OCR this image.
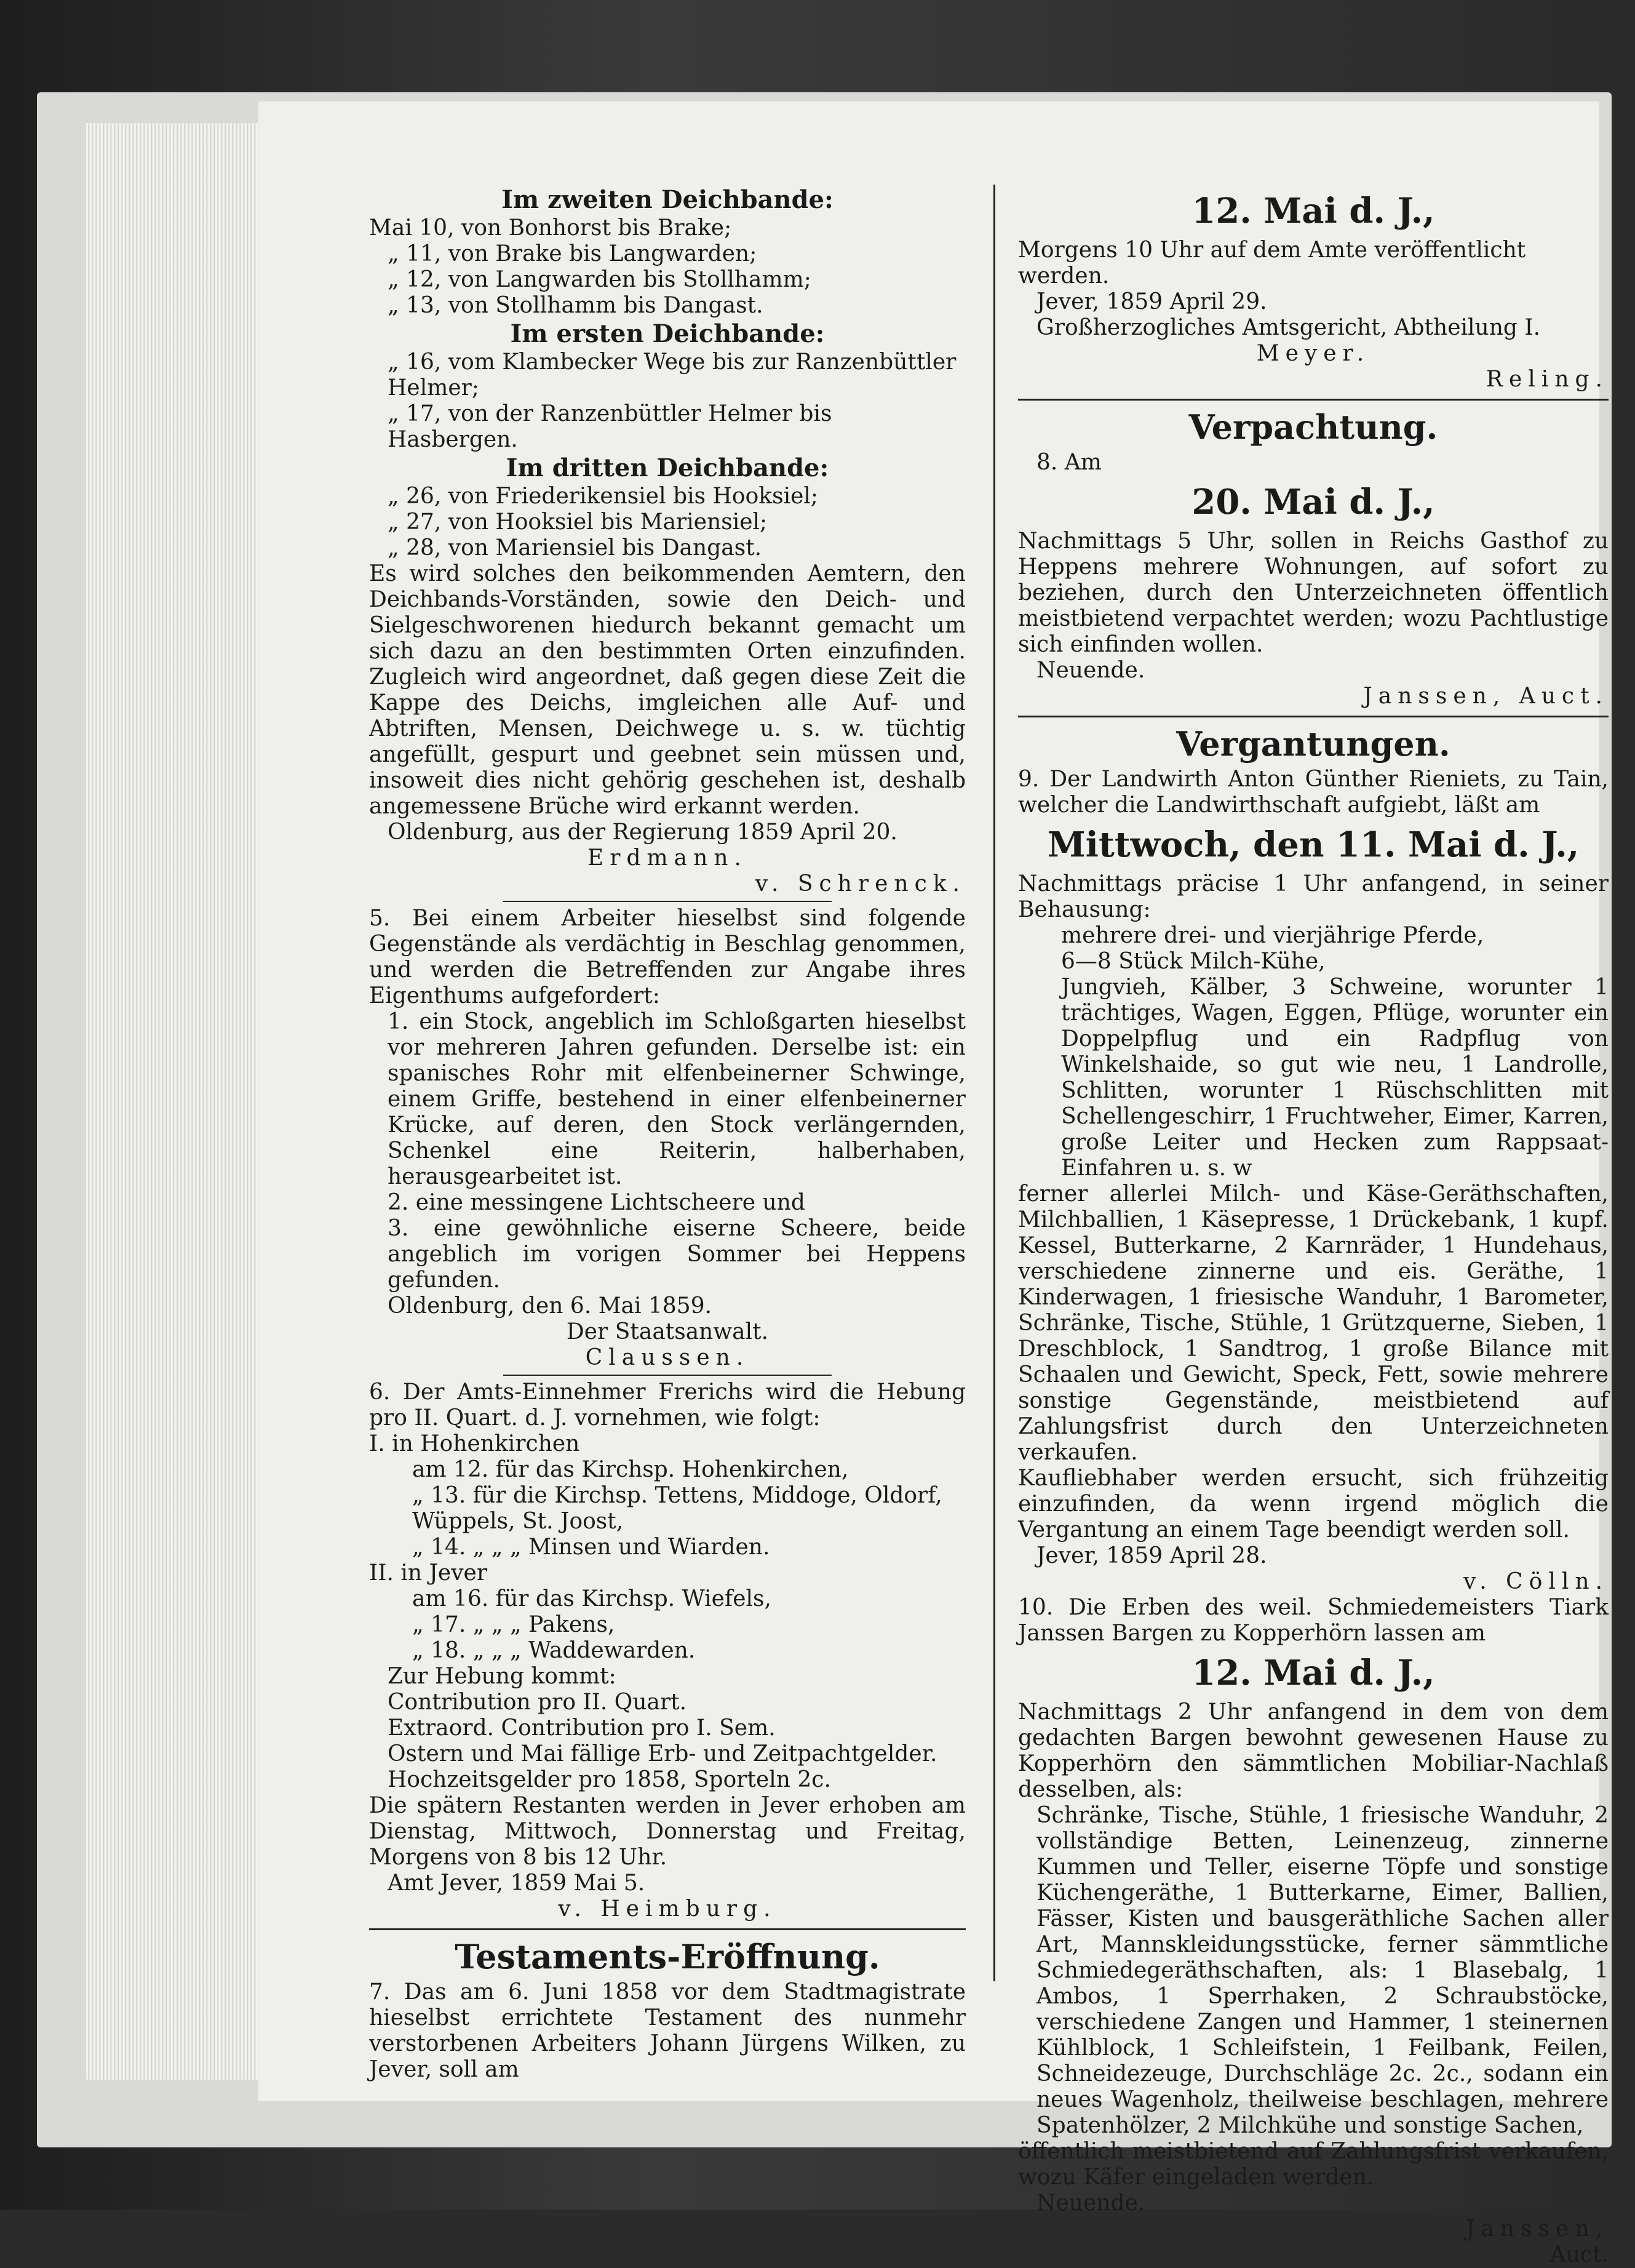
Im zweiten Deichbande:

Mai 10, von Bonhorst bis Brake;

„ 11, von Brake bis Langwarden;

„ 12, von Langwarden bis Stollhamm;

„ 13, von Stollhamm bis Dangast.

Im ersten Deichbande:

„ 16, vom Klambecker Wege bis zur Ranzenbüttler Helmer;

„ 17, von der Ranzenbüttler Helmer bis Hasbergen.

Im dritten Deichbande:

„ 26, von Friederikensiel bis Hooksiel;

„ 27, von Hooksiel bis Mariensiel;

„ 28, von Mariensiel bis Dangast.

Es wird solches den beikommenden Aemtern, den Deichbands-Vorständen, sowie den Deich- und Sielgeschworenen hiedurch bekannt gemacht um sich dazu an den bestimmten Orten einzufinden. Zugleich wird angeordnet, daß gegen diese Zeit die Kappe des Deichs, imgleichen alle Auf- und Abtriften, Mensen, Deichwege u. s. w. tüchtig angefüllt, gespurt und geebnet sein müssen und, insoweit dies nicht gehörig geschehen ist, deshalb angemessene Brüche wird erkannt werden.

Oldenburg, aus der Regierung 1859 April 20.

Erdmann.

v. Schrenck.

5. Bei einem Arbeiter hieselbst sind folgende Gegenstände als verdächtig in Beschlag genommen, und werden die Betreffenden zur Angabe ihres Eigenthums aufgefordert:

1. ein Stock, angeblich im Schloßgarten hieselbst vor mehreren Jahren gefunden. Derselbe ist: ein spanisches Rohr mit elfenbeinerner Schwinge, einem Griffe, bestehend in einer elfenbeinerner Krücke, auf deren, den Stock verlängernden, Schenkel eine Reiterin, halberhaben, herausgearbeitet ist.

2. eine messingene Lichtscheere und

3. eine gewöhnliche eiserne Scheere, beide angeblich im vorigen Sommer bei Heppens gefunden.

Oldenburg, den 6. Mai 1859.

Der Staatsanwalt.

Claussen.

6. Der Amts-Einnehmer Frerichs wird die Hebung pro II. Quart. d. J. vornehmen, wie folgt:

I. in Hohenkirchen

am 12. für das Kirchsp. Hohenkirchen,

„ 13. für die Kirchsp. Tettens, Middoge, Oldorf, Wüppels, St. Joost,

„ 14. „ „ „ Minsen und Wiarden.

II. in Jever

am 16. für das Kirchsp. Wiefels,

„ 17. „ „ „ Pakens,

„ 18. „ „ „ Waddewarden.

Zur Hebung kommt:

Contribution pro II. Quart.

Extraord. Contribution pro I. Sem.

Ostern und Mai fällige Erb- und Zeitpachtgelder.

Hochzeitsgelder pro 1858, Sporteln 2c.

Die spätern Restanten werden in Jever erhoben am Dienstag, Mittwoch, Donnerstag und Freitag, Morgens von 8 bis 12 Uhr.

Amt Jever, 1859 Mai 5.

v. Heimburg.

Testaments-Eröffnung.

7. Das am 6. Juni 1858 vor dem Stadtmagistrate hieselbst errichtete Testament des nunmehr verstorbenen Arbeiters Johann Jürgens Wilken, zu Jever, soll am

12. Mai d. J.,

Morgens 10 Uhr auf dem Amte veröffentlicht werden.

Jever, 1859 April 29.

Großherzogliches Amtsgericht, Abtheilung I.

Meyer.

Reling.

Verpachtung.

8. Am

20. Mai d. J.,

Nachmittags 5 Uhr, sollen in Reichs Gasthof zu Heppens mehrere Wohnungen, auf sofort zu beziehen, durch den Unterzeichneten öffentlich meistbietend verpachtet werden; wozu Pachtlustige sich einfinden wollen.

Neuende.

Janssen, Auct.

Vergantungen.

9. Der Landwirth Anton Günther Rieniets, zu Tain, welcher die Landwirthschaft aufgiebt, läßt am

Mittwoch, den 11. Mai d. J.,

Nachmittags präcise 1 Uhr anfangend, in seiner Behausung:

mehrere drei- und vierjährige Pferde,

6—8 Stück Milch-Kühe,

Jungvieh, Kälber, 3 Schweine, worunter 1 trächtiges, Wagen, Eggen, Pflüge, worunter ein Doppelpflug und ein Radpflug von Winkelshaide, so gut wie neu, 1 Landrolle, Schlitten, worunter 1 Rüschschlitten mit Schellengeschirr, 1 Fruchtweher, Eimer, Karren, große Leiter und Hecken zum Rappsaat-Einfahren u. s. w

ferner allerlei Milch- und Käse-Geräthschaften, Milchballien, 1 Käsepresse, 1 Drückebank, 1 kupf. Kessel, Butterkarne, 2 Karnräder, 1 Hundehaus, verschiedene zinnerne und eis. Geräthe, 1 Kinderwagen, 1 friesische Wanduhr, 1 Barometer, Schränke, Tische, Stühle, 1 Grützquerne, Sieben, 1 Dreschblock, 1 Sandtrog, 1 große Bilance mit Schaalen und Gewicht, Speck, Fett, sowie mehrere sonstige Gegenstände, meistbietend auf Zahlungsfrist durch den Unterzeichneten verkaufen.

Kaufliebhaber werden ersucht, sich frühzeitig einzufinden, da wenn irgend möglich die Vergantung an einem Tage beendigt werden soll.

Jever, 1859 April 28.

v. Cölln.

10. Die Erben des weil. Schmiedemeisters Tiark Janssen Bargen zu Kopperhörn lassen am

12. Mai d. J.,

Nachmittags 2 Uhr anfangend in dem von dem gedachten Bargen bewohnt gewesenen Hause zu Kopperhörn den sämmtlichen Mobiliar-Nachlaß desselben, als:

Schränke, Tische, Stühle, 1 friesische Wanduhr, 2 vollständige Betten, Leinenzeug, zinnerne Kummen und Teller, eiserne Töpfe und sonstige Küchengeräthe, 1 Butterkarne, Eimer, Ballien, Fässer, Kisten und bausgeräthliche Sachen aller Art, Mannskleidungsstücke, ferner sämmtliche Schmiedegeräthschaften, als: 1 Blasebalg, 1 Ambos, 1 Sperrhaken, 2 Schraubstöcke, verschiedene Zangen und Hammer, 1 steinernen Kühlblock, 1 Schleifstein, 1 Feilbank, Feilen, Schneidezeuge, Durchschläge 2c. 2c., sodann ein neues Wagenholz, theilweise beschlagen, mehrere Spatenhölzer, 2 Milchkühe und sonstige Sachen,

öffentlich meistbietend auf Zahlungsfrist verkaufen, wozu Käfer eingeladen werden.

Neuende.

Janssen,

Auct.
